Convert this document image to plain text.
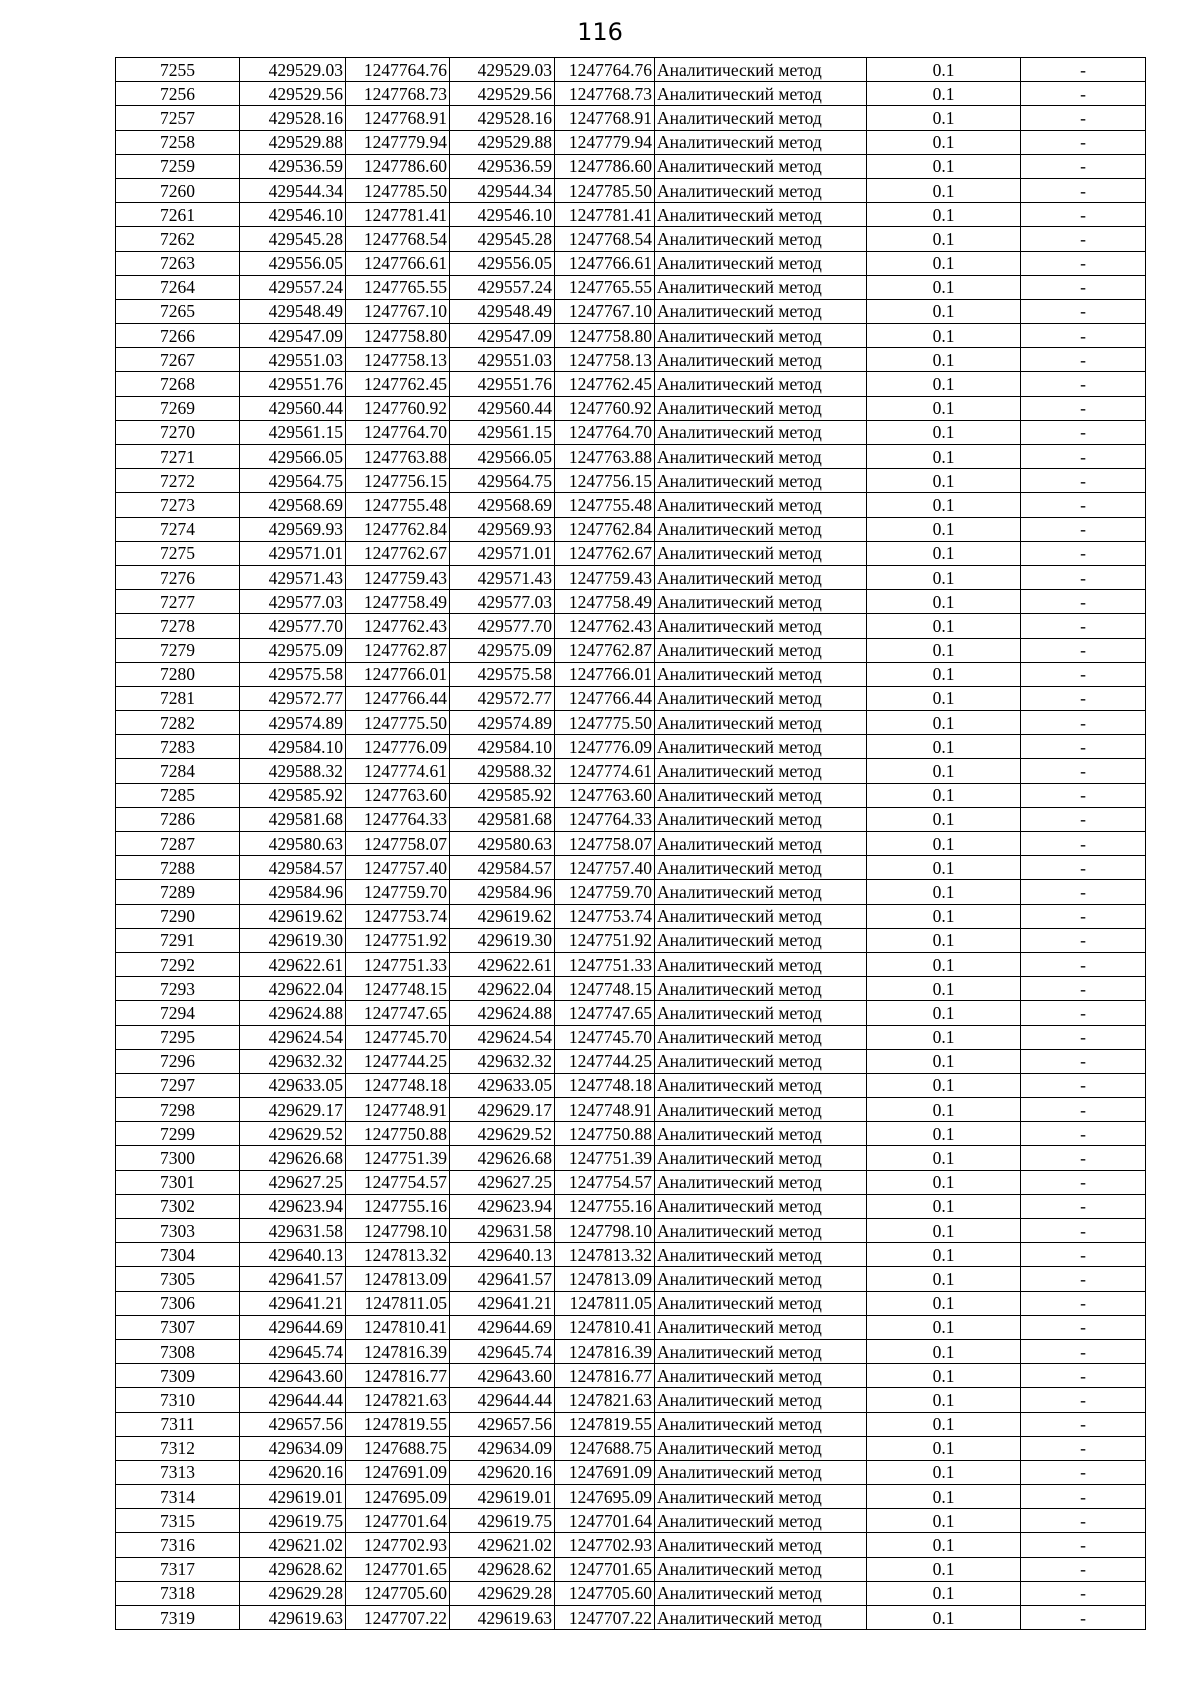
116
7255	429529.03	1247764.76	429529.03	1247764.76	Аналитический метод	0.1	-
7256	429529.56	1247768.73	429529.56	1247768.73	Аналитический метод	0.1	-
7257	429528.16	1247768.91	429528.16	1247768.91	Аналитический метод	0.1	-
7258	429529.88	1247779.94	429529.88	1247779.94	Аналитический метод	0.1	-
7259	429536.59	1247786.60	429536.59	1247786.60	Аналитический метод	0.1	-
7260	429544.34	1247785.50	429544.34	1247785.50	Аналитический метод	0.1	-
7261	429546.10	1247781.41	429546.10	1247781.41	Аналитический метод	0.1	-
7262	429545.28	1247768.54	429545.28	1247768.54	Аналитический метод	0.1	-
7263	429556.05	1247766.61	429556.05	1247766.61	Аналитический метод	0.1	-
7264	429557.24	1247765.55	429557.24	1247765.55	Аналитический метод	0.1	-
7265	429548.49	1247767.10	429548.49	1247767.10	Аналитический метод	0.1	-
7266	429547.09	1247758.80	429547.09	1247758.80	Аналитический метод	0.1	-
7267	429551.03	1247758.13	429551.03	1247758.13	Аналитический метод	0.1	-
7268	429551.76	1247762.45	429551.76	1247762.45	Аналитический метод	0.1	-
7269	429560.44	1247760.92	429560.44	1247760.92	Аналитический метод	0.1	-
7270	429561.15	1247764.70	429561.15	1247764.70	Аналитический метод	0.1	-
7271	429566.05	1247763.88	429566.05	1247763.88	Аналитический метод	0.1	-
7272	429564.75	1247756.15	429564.75	1247756.15	Аналитический метод	0.1	-
7273	429568.69	1247755.48	429568.69	1247755.48	Аналитический метод	0.1	-
7274	429569.93	1247762.84	429569.93	1247762.84	Аналитический метод	0.1	-
7275	429571.01	1247762.67	429571.01	1247762.67	Аналитический метод	0.1	-
7276	429571.43	1247759.43	429571.43	1247759.43	Аналитический метод	0.1	-
7277	429577.03	1247758.49	429577.03	1247758.49	Аналитический метод	0.1	-
7278	429577.70	1247762.43	429577.70	1247762.43	Аналитический метод	0.1	-
7279	429575.09	1247762.87	429575.09	1247762.87	Аналитический метод	0.1	-
7280	429575.58	1247766.01	429575.58	1247766.01	Аналитический метод	0.1	-
7281	429572.77	1247766.44	429572.77	1247766.44	Аналитический метод	0.1	-
7282	429574.89	1247775.50	429574.89	1247775.50	Аналитический метод	0.1	-
7283	429584.10	1247776.09	429584.10	1247776.09	Аналитический метод	0.1	-
7284	429588.32	1247774.61	429588.32	1247774.61	Аналитический метод	0.1	-
7285	429585.92	1247763.60	429585.92	1247763.60	Аналитический метод	0.1	-
7286	429581.68	1247764.33	429581.68	1247764.33	Аналитический метод	0.1	-
7287	429580.63	1247758.07	429580.63	1247758.07	Аналитический метод	0.1	-
7288	429584.57	1247757.40	429584.57	1247757.40	Аналитический метод	0.1	-
7289	429584.96	1247759.70	429584.96	1247759.70	Аналитический метод	0.1	-
7290	429619.62	1247753.74	429619.62	1247753.74	Аналитический метод	0.1	-
7291	429619.30	1247751.92	429619.30	1247751.92	Аналитический метод	0.1	-
7292	429622.61	1247751.33	429622.61	1247751.33	Аналитический метод	0.1	-
7293	429622.04	1247748.15	429622.04	1247748.15	Аналитический метод	0.1	-
7294	429624.88	1247747.65	429624.88	1247747.65	Аналитический метод	0.1	-
7295	429624.54	1247745.70	429624.54	1247745.70	Аналитический метод	0.1	-
7296	429632.32	1247744.25	429632.32	1247744.25	Аналитический метод	0.1	-
7297	429633.05	1247748.18	429633.05	1247748.18	Аналитический метод	0.1	-
7298	429629.17	1247748.91	429629.17	1247748.91	Аналитический метод	0.1	-
7299	429629.52	1247750.88	429629.52	1247750.88	Аналитический метод	0.1	-
7300	429626.68	1247751.39	429626.68	1247751.39	Аналитический метод	0.1	-
7301	429627.25	1247754.57	429627.25	1247754.57	Аналитический метод	0.1	-
7302	429623.94	1247755.16	429623.94	1247755.16	Аналитический метод	0.1	-
7303	429631.58	1247798.10	429631.58	1247798.10	Аналитический метод	0.1	-
7304	429640.13	1247813.32	429640.13	1247813.32	Аналитический метод	0.1	-
7305	429641.57	1247813.09	429641.57	1247813.09	Аналитический метод	0.1	-
7306	429641.21	1247811.05	429641.21	1247811.05	Аналитический метод	0.1	-
7307	429644.69	1247810.41	429644.69	1247810.41	Аналитический метод	0.1	-
7308	429645.74	1247816.39	429645.74	1247816.39	Аналитический метод	0.1	-
7309	429643.60	1247816.77	429643.60	1247816.77	Аналитический метод	0.1	-
7310	429644.44	1247821.63	429644.44	1247821.63	Аналитический метод	0.1	-
7311	429657.56	1247819.55	429657.56	1247819.55	Аналитический метод	0.1	-
7312	429634.09	1247688.75	429634.09	1247688.75	Аналитический метод	0.1	-
7313	429620.16	1247691.09	429620.16	1247691.09	Аналитический метод	0.1	-
7314	429619.01	1247695.09	429619.01	1247695.09	Аналитический метод	0.1	-
7315	429619.75	1247701.64	429619.75	1247701.64	Аналитический метод	0.1	-
7316	429621.02	1247702.93	429621.02	1247702.93	Аналитический метод	0.1	-
7317	429628.62	1247701.65	429628.62	1247701.65	Аналитический метод	0.1	-
7318	429629.28	1247705.60	429629.28	1247705.60	Аналитический метод	0.1	-
7319	429619.63	1247707.22	429619.63	1247707.22	Аналитический метод	0.1	-
